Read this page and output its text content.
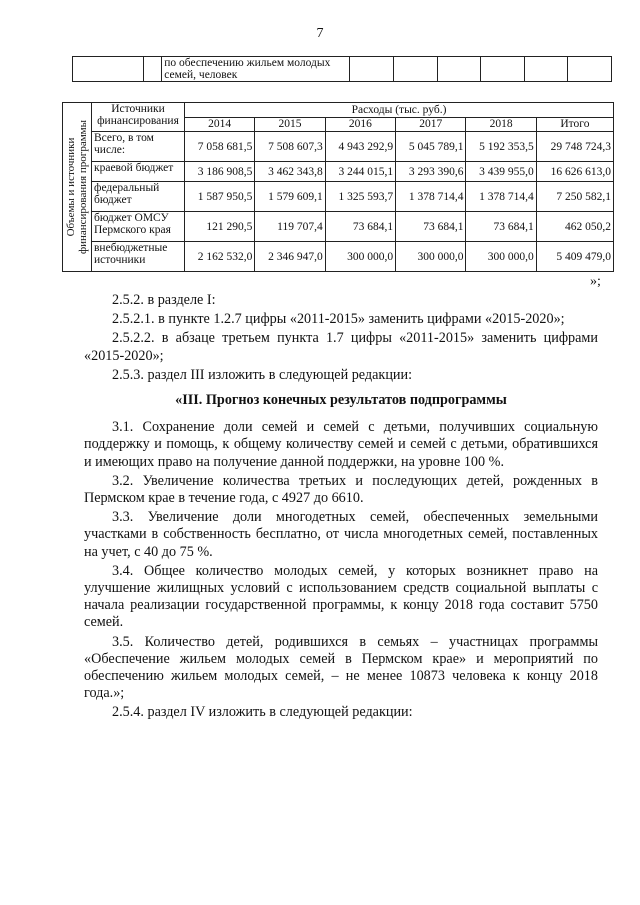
7
		по обеспечению жильем молодых семей, человек						
Объемы и источники финансирования программы	Источники финансирования	Расходы (тыс. руб.)					
		2014	2015	2016	2017	2018	Итого
	Всего, в том числе:	7 058 681,5	7 508 607,3	4 943 292,9	5 045 789,1	5 192 353,5	29 748 724,3
	краевой бюджет	3 186 908,5	3 462 343,8	3 244 015,1	3 293 390,6	3 439 955,0	16 626 613,0
	федеральный бюджет	1 587 950,5	1 579 609,1	1 325 593,7	1 378 714,4	1 378 714,4	7 250 582,1
	бюджет ОМСУ Пермского края	121 290,5	119 707,4	73 684,1	73 684,1	73 684,1	462 050,2
	внебюджетные источники	2 162 532,0	2 346 947,0	300 000,0	300 000,0	300 000,0	5 409 479,0
»;

2.5.2. в разделе I:

2.5.2.1. в пункте 1.2.7 цифры «2011-2015» заменить цифрами «2015-2020»;

2.5.2.2. в абзаце третьем пункта 1.7 цифры «2011-2015» заменить цифрами «2015-2020»;

2.5.3. раздел III изложить в следующей редакции:

«III. Прогноз конечных результатов подпрограммы

3.1. Сохранение доли семей и семей с детьми, получивших социальную поддержку и помощь, к общему количеству семей и семей с детьми, обратившихся и имеющих право на получение данной поддержки, на уровне 100 %.

3.2. Увеличение количества третьих и последующих детей, рожденных в Пермском крае в течение года, с 4927 до 6610.

3.3. Увеличение доли многодетных семей, обеспеченных земельными участками в собственность бесплатно, от числа многодетных семей, поставленных на учет, с 40 до 75 %.

3.4. Общее количество молодых семей, у которых возникнет право на улучшение жилищных условий с использованием средств социальной выплаты с начала реализации государственной программы, к концу 2018 года составит 5750 семей.

3.5. Количество детей, родившихся в семьях – участницах программы «Обеспечение жильем молодых семей в Пермском крае» и мероприятий по обеспечению жильем молодых семей, – не менее 10873 человека к концу 2018 года.»;

2.5.4. раздел IV изложить в следующей редакции:
